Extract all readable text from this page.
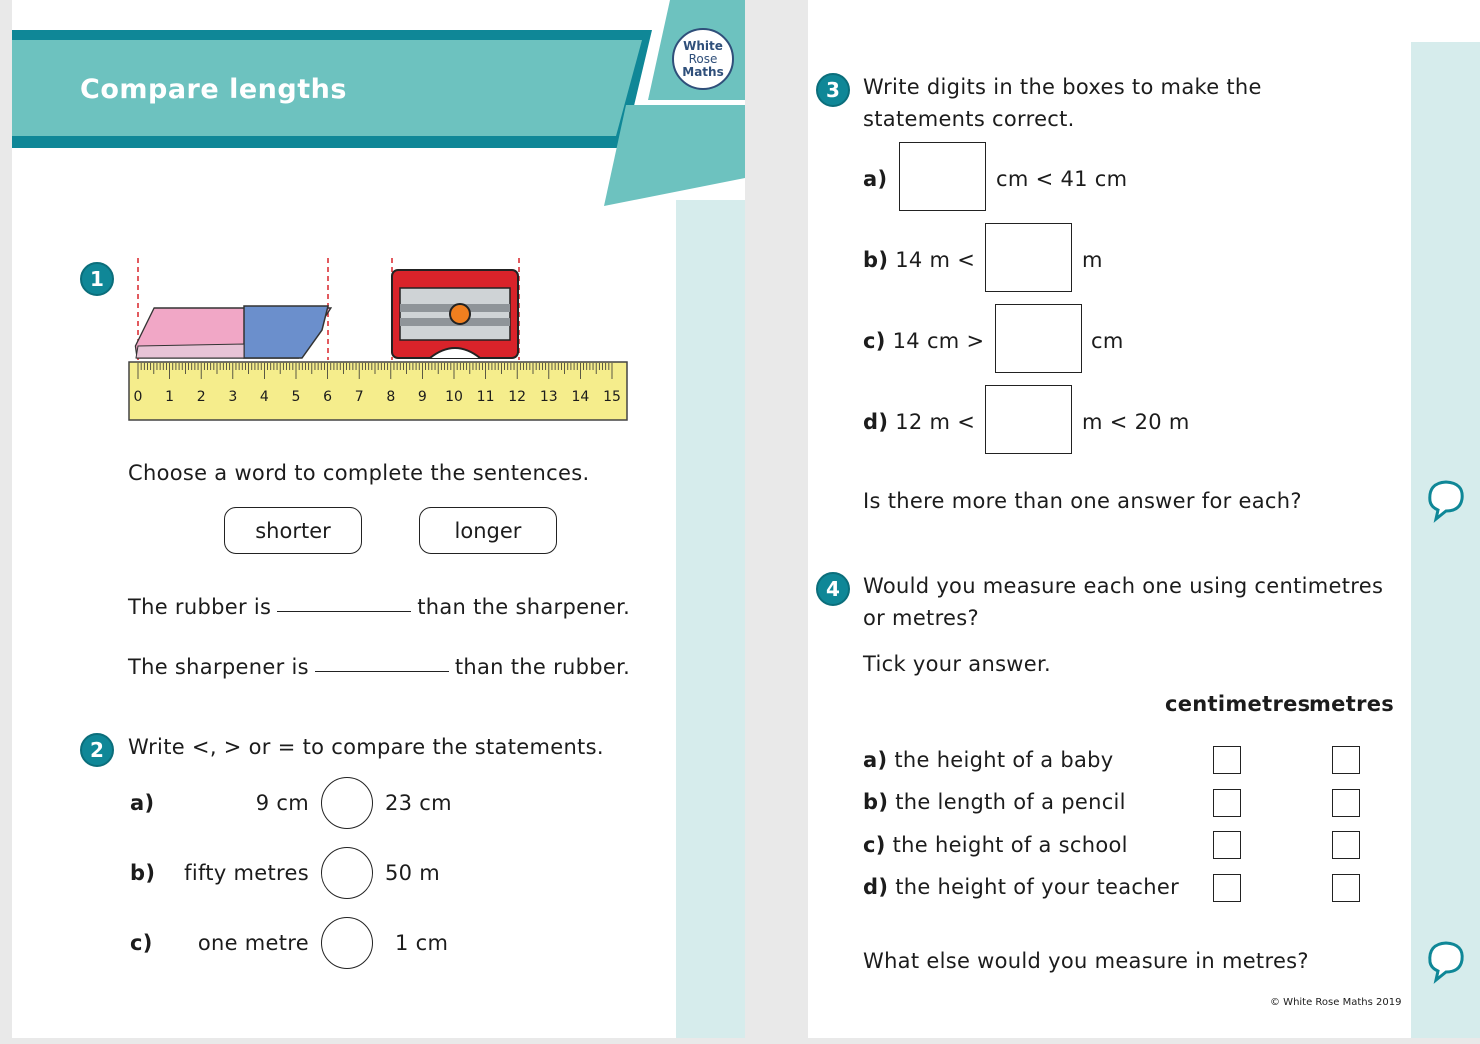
Compare lengths
White
Rose
Maths
1
0	1	2	3	4	5	6	7	8	9	10 11 12 13 14 15
Choose a word to complete the sentences.
shorter	longer
The rubber is	than the sharpener.
The sharpener is	than the rubber.
2	Write <, > or = to compare the statements.
a)	9 cm	23 cm
b) fifty metres	50 m
c) one metre	1 cm
3	Write digits in the boxes to make the
statements correct.
a)	cm < 41 cm
b) 14 m <	m
c) 14 cm >	cm
d) 12 m <	m < 20 m
Is there more than one answer for each?
4	Would you measure each one using centimetres
or metres?
Tick your answer.
centimetres
metres
a) the height of a baby
b) the length of a pencil
c) the height of a school
d) the height of your teacher
What else would you measure in metres?
© White Rose Maths 2019
